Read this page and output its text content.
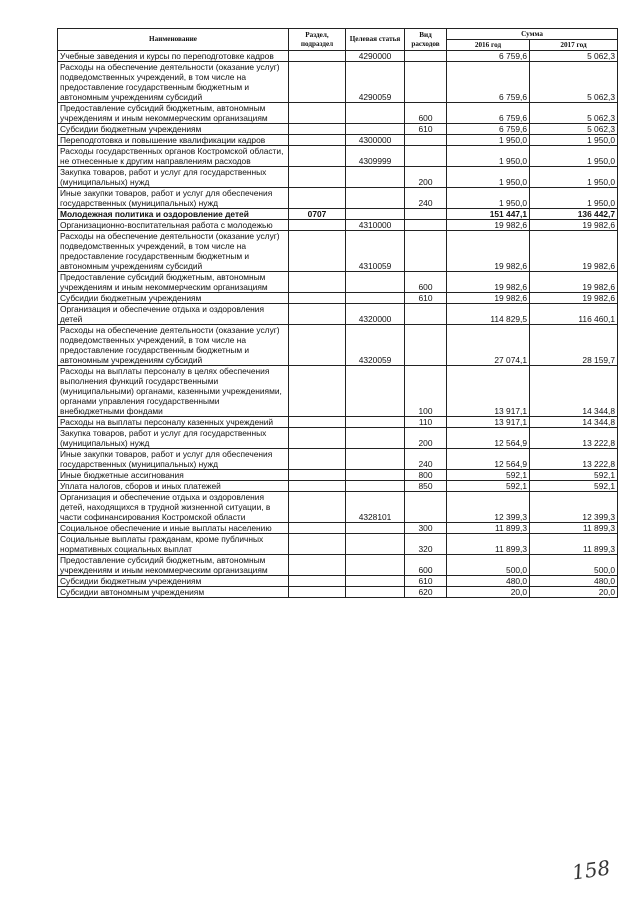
Наименование	Раздел, подраздел	Целевая статья	Вид расходов	Сумма	
				2016 год	2017 год
Учебные заведения и курсы по переподготовке кадров		4290000		6 759,6	5 062,3
Расходы на обеспечение деятельности (оказание услуг) подведомственных учреждений, в том числе на предоставление государственным бюджетным и автономным учреждениям субсидий		4290059		6 759,6	5 062,3
Предоставление субсидий бюджетным, автономным учреждениям и иным некоммерческим организациям			600	6 759,6	5 062,3
Субсидии бюджетным учреждениям			610	6 759,6	5 062,3
Переподготовка и повышение квалификации кадров		4300000		1 950,0	1 950,0
Расходы государственных органов Костромской области, не отнесенные к другим направлениям расходов		4309999		1 950,0	1 950,0
Закупка товаров, работ и услуг для государственных (муниципальных) нужд			200	1 950,0	1 950,0
Иные закупки товаров, работ и услуг для обеспечения государственных (муниципальных) нужд			240	1 950,0	1 950,0
Молодежная политика и оздоровление детей	0707			151 447,1	136 442,7
Организационно-воспитательная работа с молодежью		4310000		19 982,6	19 982,6
Расходы на обеспечение деятельности (оказание услуг) подведомственных учреждений, в том числе на предоставление государственным бюджетным и автономным учреждениям субсидий		4310059		19 982,6	19 982,6
Предоставление субсидий бюджетным, автономным учреждениям и иным некоммерческим организациям			600	19 982,6	19 982,6
Субсидии бюджетным учреждениям			610	19 982,6	19 982,6
Организация и обеспечение отдыха и оздоровления детей		4320000		114 829,5	116 460,1
Расходы на обеспечение деятельности (оказание услуг) подведомственных учреждений, в том числе на предоставление государственным бюджетным и автономным учреждениям субсидий		4320059		27 074,1	28 159,7
Расходы на выплаты персоналу в целях обеспечения выполнения функций государственными (муниципальными) органами, казенными учреждениями, органами управления государственными внебюджетными фондами			100	13 917,1	14 344,8
Расходы на выплаты персоналу казенных учреждений			110	13 917,1	14 344,8
Закупка товаров, работ и услуг для государственных (муниципальных) нужд			200	12 564,9	13 222,8
Иные закупки товаров, работ и услуг для обеспечения государственных (муниципальных) нужд			240	12 564,9	13 222,8
Иные бюджетные ассигнования			800	592,1	592,1
Уплата налогов, сборов и иных платежей			850	592,1	592,1
Организация и обеспечение отдыха и оздоровления детей, находящихся в трудной жизненной ситуации, в части софинансирования Костромской области		4328101		12 399,3	12 399,3
Социальное обеспечение и иные выплаты населению			300	11 899,3	11 899,3
Социальные выплаты гражданам, кроме публичных нормативных социальных выплат			320	11 899,3	11 899,3
Предоставление субсидий бюджетным, автономным учреждениям и иным некоммерческим организациям			600	500,0	500,0
Субсидии бюджетным учреждениям			610	480,0	480,0
Субсидии автономным учреждениям			620	20,0	20,0
158
